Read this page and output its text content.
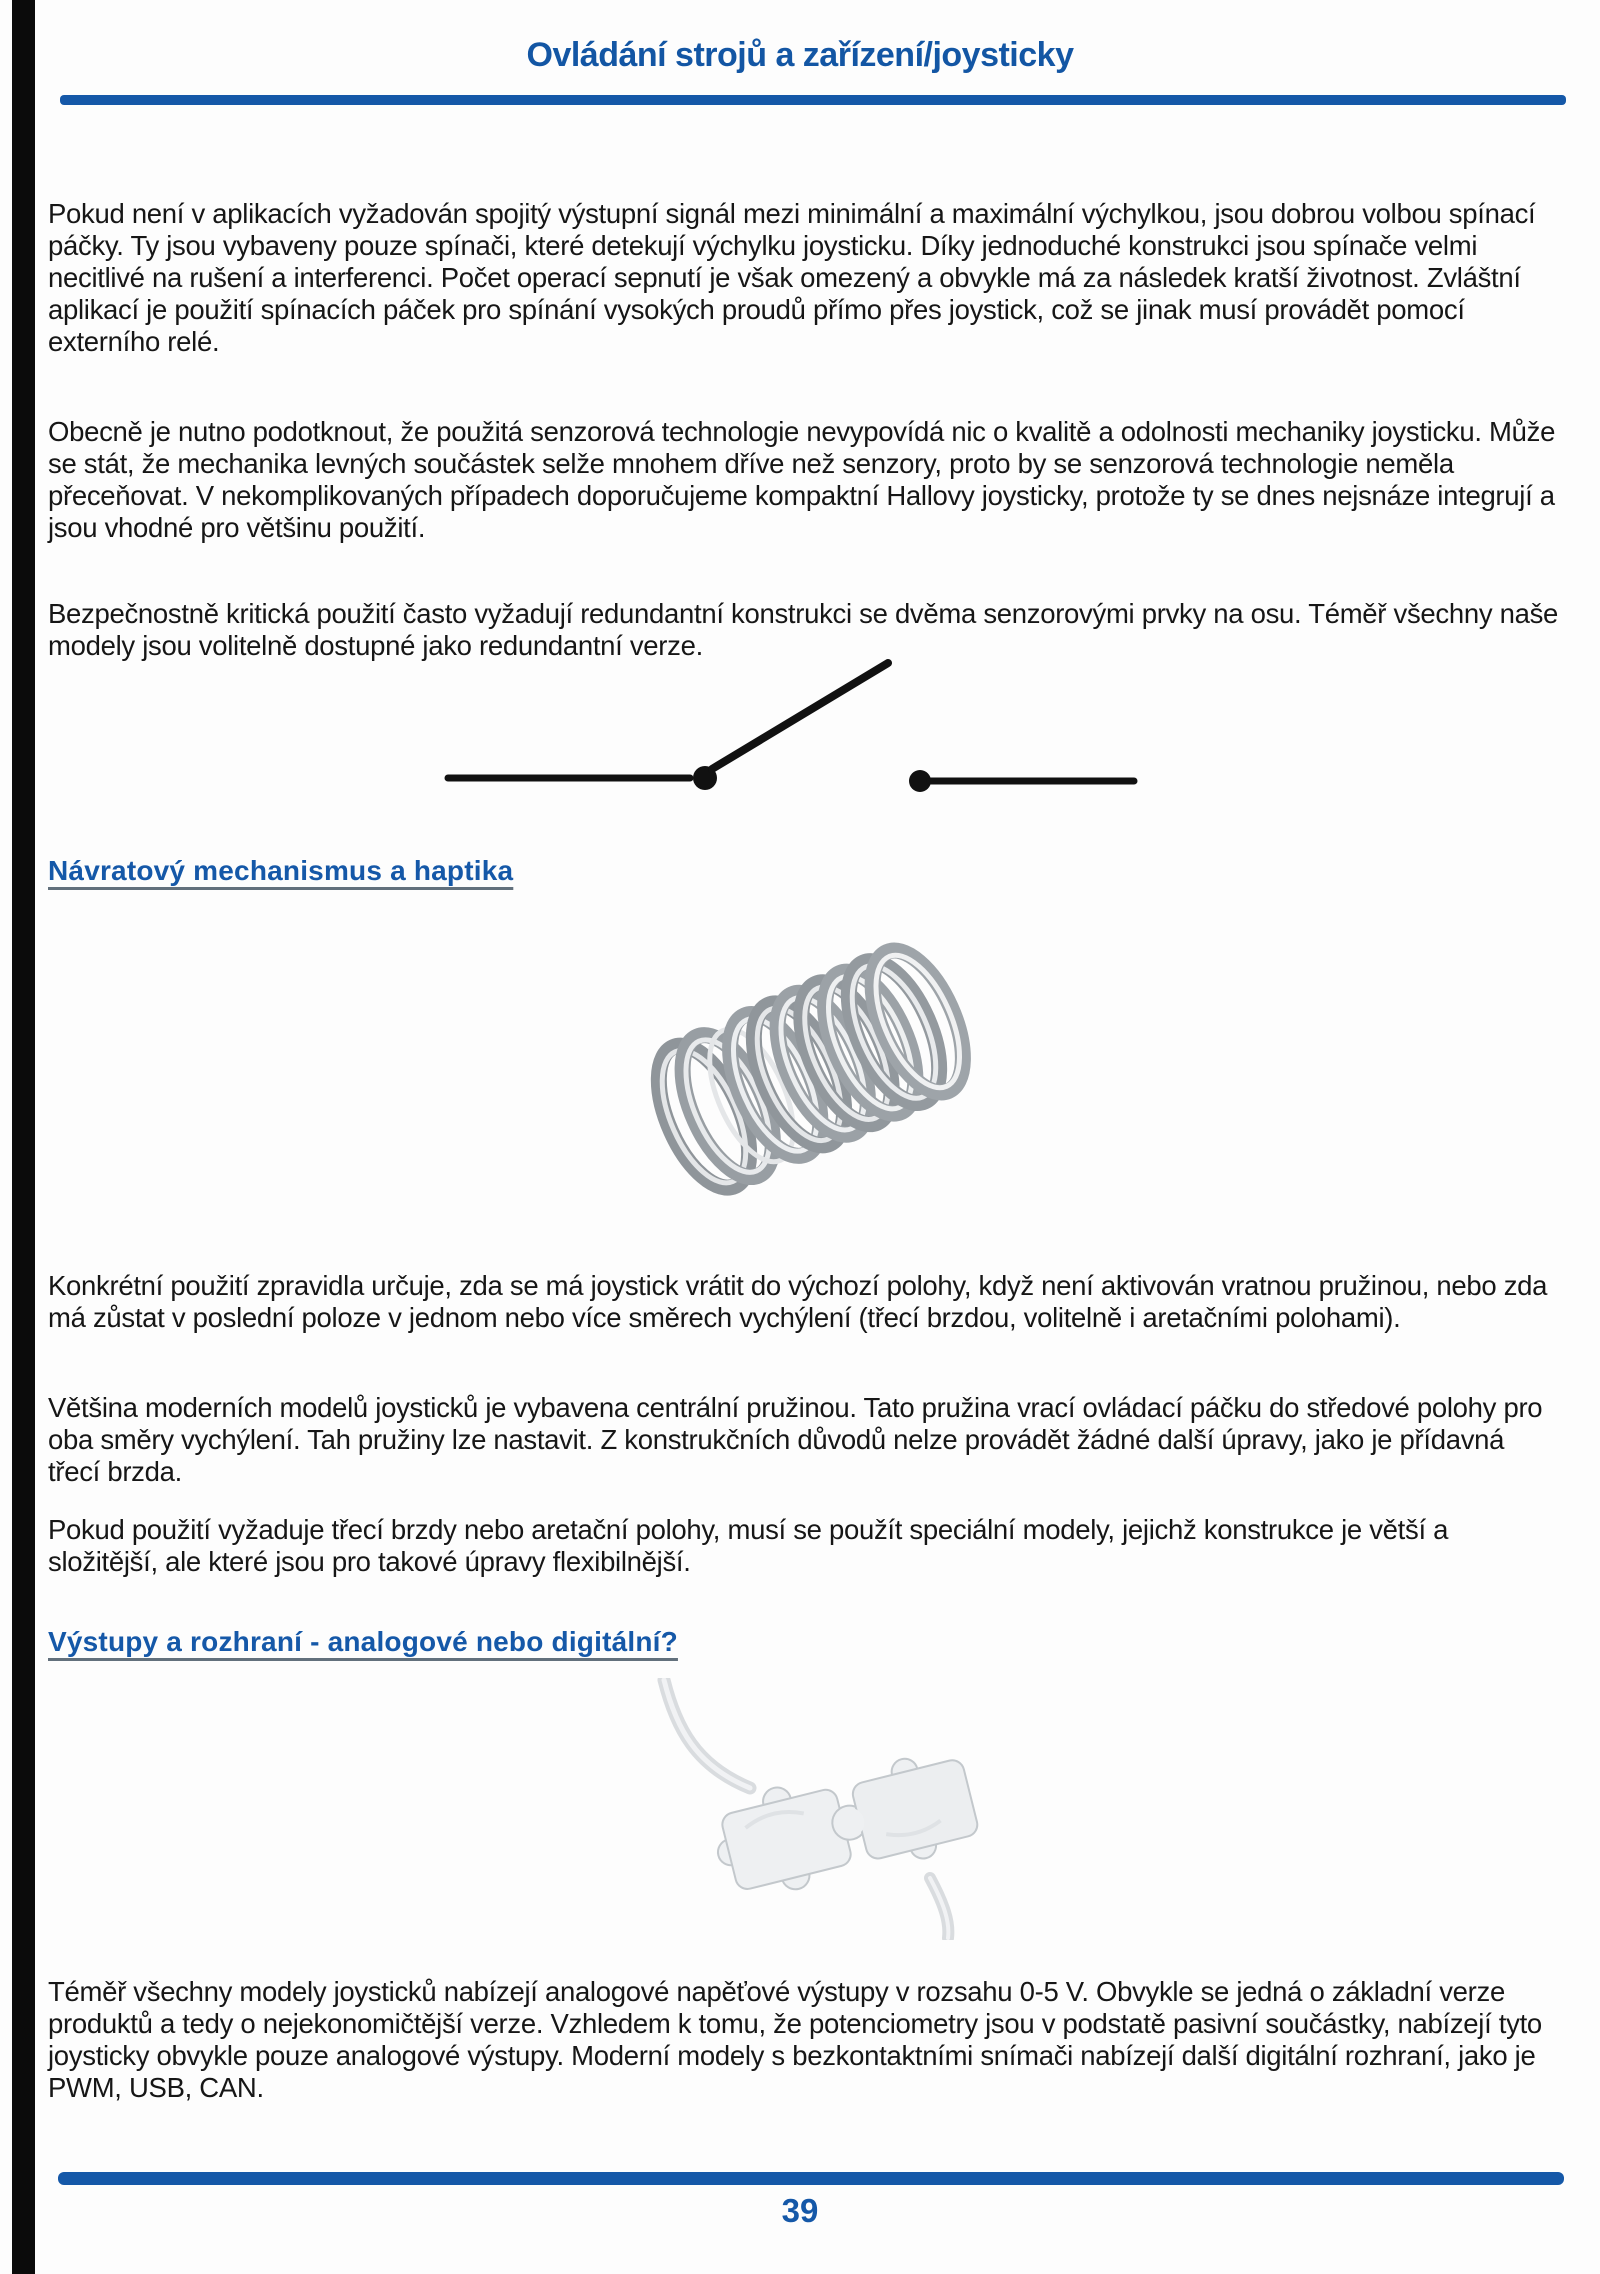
Ovládání strojů a zařízení/joysticky

Pokud není v aplikacích vyžadován spojitý výstupní signál mezi minimální a maximální výchylkou, jsou dobrou volbou spínací páčky. Ty jsou vybaveny pouze spínači, které detekují výchylku joysticku. Díky jednoduché konstrukci jsou spínače velmi necitlivé na rušení a interferenci. Počet operací sepnutí je však omezený a obvykle má za následek kratší životnost. Zvláštní aplikací je použití spínacích páček pro spínání vysokých proudů přímo přes joystick, což se jinak musí provádět pomocí externího relé.

Obecně je nutno podotknout, že použitá senzorová technologie nevypovídá nic o kvalitě a odolnosti mechaniky joysticku. Může se stát, že mechanika levných součástek selže mnohem dříve než senzory, proto by se senzorová technologie neměla přeceňovat. V nekomplikovaných případech doporučujeme kompaktní Hallovy joysticky, protože ty se dnes nejsnáze integrují a jsou vhodné pro většinu použití.

Bezpečnostně kritická použití často vyžadují redundantní konstrukci se dvěma senzorovými prvky na osu. Téměř všechny naše modely jsou volitelně dostupné jako redundantní verze.

Návratový mechanismus a haptika

Konkrétní použití zpravidla určuje, zda se má joystick vrátit do výchozí polohy, když není aktivován vratnou pružinou, nebo zda má zůstat v poslední poloze v jednom nebo více směrech vychýlení (třecí brzdou, volitelně i aretačními polohami).

Většina moderních modelů joysticků je vybavena centrální pružinou. Tato pružina vrací ovládací páčku do středové polohy pro oba směry vychýlení. Tah pružiny lze nastavit. Z konstrukčních důvodů nelze provádět žádné další úpravy, jako je přídavná třecí brzda.

Pokud použití vyžaduje třecí brzdy nebo aretační polohy, musí se použít speciální modely, jejichž konstrukce je větší a složitější, ale které jsou pro takové úpravy flexibilnější.

Výstupy a rozhraní - analogové nebo digitální?

Téměř všechny modely joysticků nabízejí analogové napěťové výstupy v rozsahu 0-5 V. Obvykle se jedná o základní verze produktů a tedy o nejekonomičtější verze. Vzhledem k tomu, že potenciometry jsou v podstatě pasivní součástky, nabízejí tyto joysticky obvykle pouze analogové výstupy. Moderní modely s bezkontaktními snímači nabízejí další digitální rozhraní, jako je PWM, USB, CAN.

39
